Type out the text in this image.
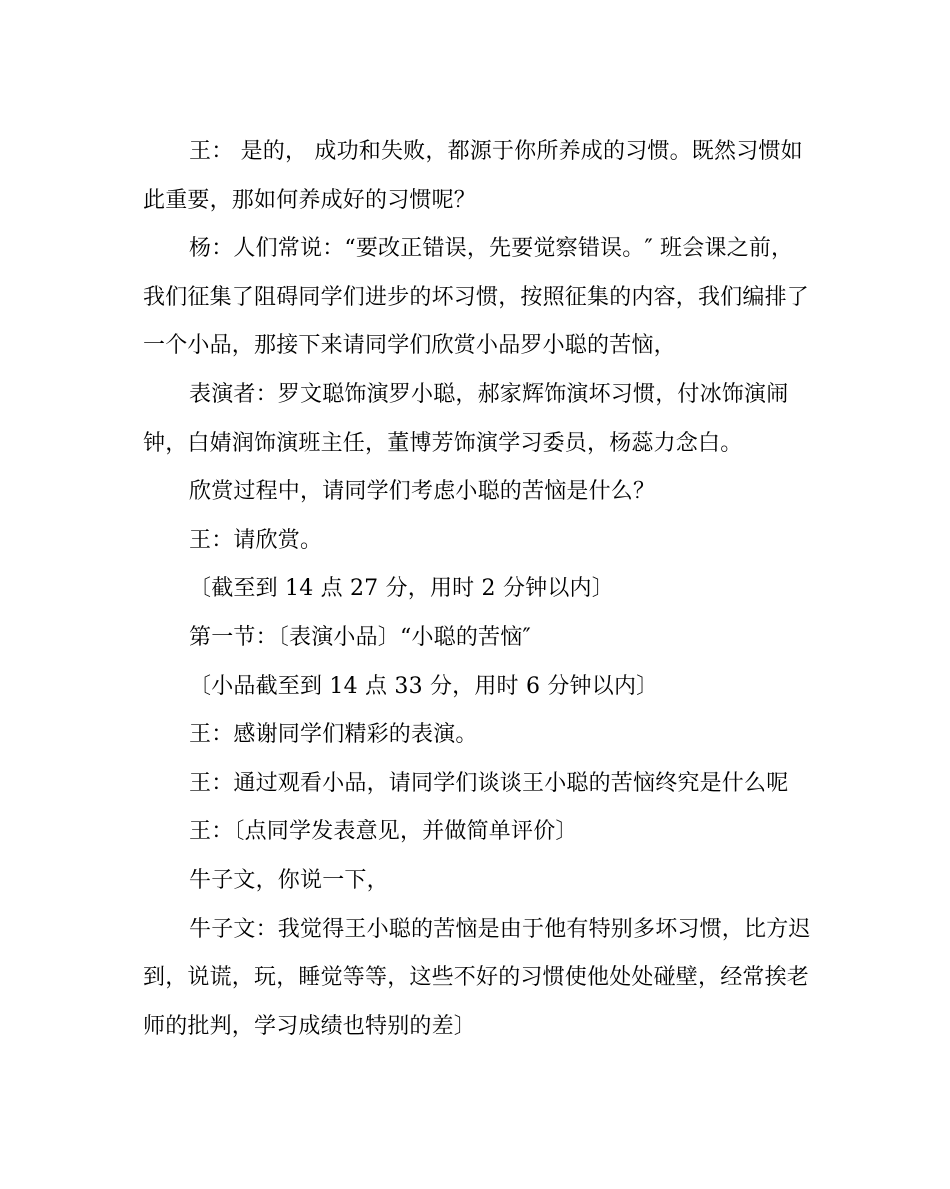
王： 是的， 成功和失败，都源于你所养成的习惯。既然习惯如
此重要，那如何养成好的习惯呢？
杨：人们常说：“要改正错误，先要觉察错误。″ 班会课之前，
我们征集了阻碍同学们进步的坏习惯，按照征集的内容，我们编排了
一个小品，那接下来请同学们欣赏小品罗小聪的苦恼，
表演者：罗文聪饰演罗小聪，郝家辉饰演坏习惯，付冰饰演闹
钟，白婧润饰演班主任，董博芳饰演学习委员，杨蕊力念白。
欣赏过程中，请同学们考虑小聪的苦恼是什么？
王：请欣赏。
〔截至到 14 点 27 分，用时 2 分钟以内〕
第一节：〔表演小品〕“小聪的苦恼″
〔小品截至到 14 点 33 分，用时 6 分钟以内〕
王：感谢同学们精彩的表演。
王：通过观看小品，请同学们谈谈王小聪的苦恼终究是什么呢
王：〔点同学发表意见，并做简单评价〕
牛子文，你说一下，
牛子文：我觉得王小聪的苦恼是由于他有特别多坏习惯，比方迟
到，说谎，玩，睡觉等等，这些不好的习惯使他处处碰壁，经常挨老
师的批判，学习成绩也特别的差〕
